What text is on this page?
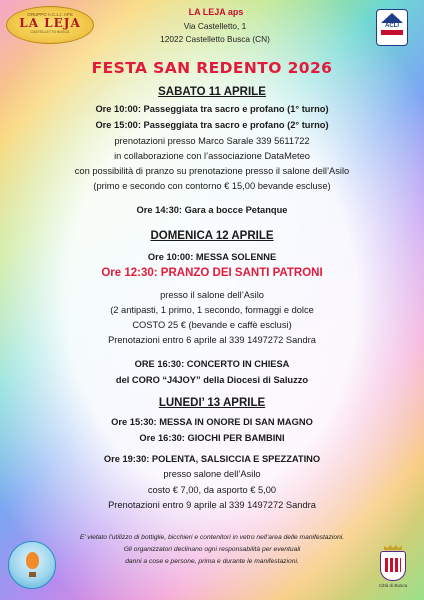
GRUPPO A.C.L.I. APS
LA LEJA
CASTELLETTO BUSCA
LA LEJA aps
Via Castelletto, 1
12022 Castelletto Busca (CN)
ACLI
FESTA SAN REDENTO 2026
SABATO 11 APRILE
Ore 10:00: Passeggiata tra sacro e profano (1° turno)
Ore 15:00: Passeggiata tra sacro e profano (2° turno)
prenotazioni presso Marco Sarale 339 5611722
in collaborazione con l’associazione DataMeteo
con possibilità di pranzo su prenotazione presso il salone dell’Asilo
(primo e secondo con contorno € 15,00 bevande escluse)
Ore 14:30: Gara a bocce Petanque
DOMENICA 12 APRILE
Ore 10:00: MESSA SOLENNE
Ore 12:30: PRANZO DEI SANTI PATRONI
presso il salone dell’Asilo
(2 antipasti, 1 primo, 1 secondo, formaggi e dolce
COSTO 25 € (bevande e caffè esclusi)
Prenotazioni entro 6 aprile al 339 1497272 Sandra
ORE 16:30: CONCERTO IN CHIESA
del CORO “J4JOY” della Diocesi di Saluzzo
LUNEDI’ 13 APRILE
Ore 15:30: MESSA IN ONORE DI SAN MAGNO
Ore 16:30: GIOCHI PER BAMBINI
Ore 19:30: POLENTA, SALSICCIA E SPEZZATINO
presso salone dell’Asilo
costo € 7,00, da asporto € 5,00
Prenotazioni entro 9 aprile al 339 1497272 Sandra
E’ vietato l’utilizzo di bottiglie, bicchieri e contenitori in vetro nell’area delle manifestazioni.
Gli organizzatori declinano ogni responsabilità per eventuali
danni a cose e persone, prima e durante le manifestazioni.
Città di Busca
